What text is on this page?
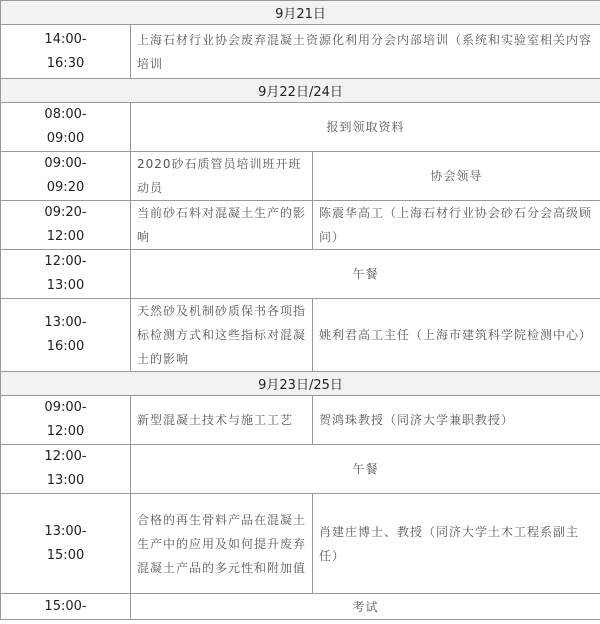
9月21日		

14:00-
16:30	上海石材行业协会废弃混凝土资源化利用分会内部培训（系统和实验室相关内容培训	
9月22日/24日		

08:00-
09:00	报到领取资料	

09:00-
09:20	2020砂石质管员培训班开班动员	协会领导

09:20-
12:00	当前砂石料对混凝土生产的影响	陈震华高工（上海石材行业协会砂石分会高级顾问）

12:00-
13:00	午餐	

13:00-
16:00	天然砂及机制砂质保书各项指标检测方式和这些指标对混凝土的影响	姚利君高工主任（上海市建筑科学院检测中心）
9月23日/25日		

09:00-
12:00	新型混凝土技术与施工工艺	贺鸿珠教授（同济大学兼职教授）

12:00-
13:00	午餐	

13:00-
15:00	合格的再生骨料产品在混凝土生产中的应用及如何提升废弃混凝土产品的多元性和附加值	肖建庄博士、教授（同济大学土木工程系副主任）

15:00-	考试	
